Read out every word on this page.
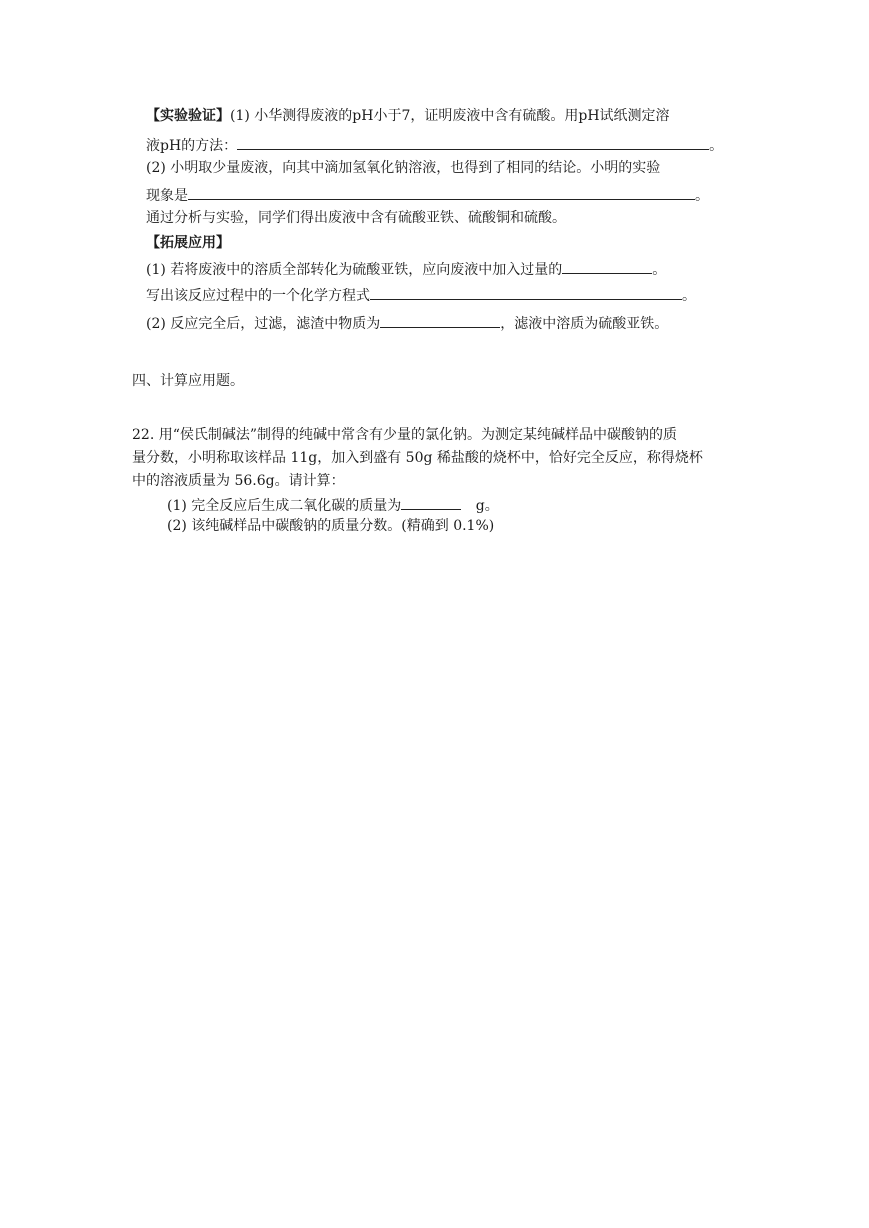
【实验验证】(1) 小华测得废液的pH小于7，证明废液中含有硫酸。用pH试纸测定溶
液pH的方法：	。
(2) 小明取少量废液，向其中滴加氢氧化钠溶液，也得到了相同的结论。小明的实验
现象是	。
通过分析与实验，同学们得出废液中含有硫酸亚铁、硫酸铜和硫酸。
【拓展应用】
(1) 若将废液中的溶质全部转化为硫酸亚铁，应向废液中加入过量的	。
写出该反应过程中的一个化学方程式	。
(2) 反应完全后，过滤，滤渣中物质为	，滤液中溶质为硫酸亚铁。
四、计算应用题。
22. 用“侯氏制碱法”制得的纯碱中常含有少量的氯化钠。为测定某纯碱样品中碳酸钠的质
量分数，小明称取该样品 11g，加入到盛有 50g 稀盐酸的烧杯中，恰好完全反应，称得烧杯
中的溶液质量为 56.6g。请计算：
(1) 完全反应后生成二氧化碳的质量为	g。
(2) 该纯碱样品中碳酸钠的质量分数。(精确到 0.1%)
